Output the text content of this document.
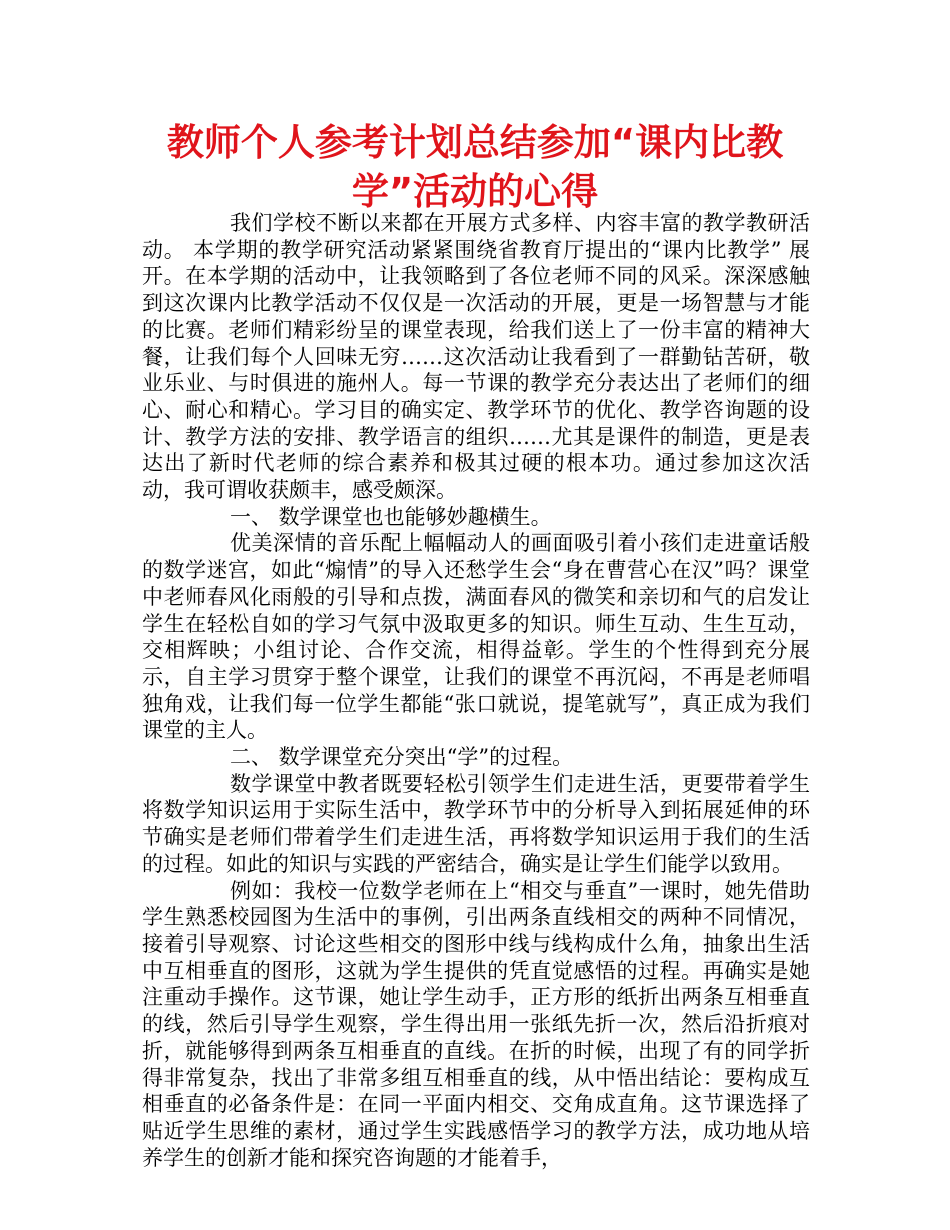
教师个人参考计划总结参加“课内比教学”活动的心得

我们学校不断以来都在开展方式多样、内容丰富的教学教研活动。 本学期的教学研究活动紧紧围绕省教育厅提出的“课内比教学” 展开。在本学期的活动中，让我领略到了各位老师不同的风采。深深感触到这次课内比教学活动不仅仅是一次活动的开展，更是一场智慧与才能的比赛。老师们精彩纷呈的课堂表现，给我们送上了一份丰富的精神大餐，让我们每个人回味无穷……这次活动让我看到了一群勤钻苦研，敬业乐业、与时俱进的施州人。每一节课的教学充分表达出了老师们的细心、耐心和精心。学习目的确实定、教学环节的优化、教学咨询题的设计、教学方法的安排、教学语言的组织……尤其是课件的制造，更是表达出了新时代老师的综合素养和极其过硬的根本功。通过参加这次活动，我可谓收获颇丰，感受颇深。

一、 数学课堂也也能够妙趣横生。

优美深情的音乐配上幅幅动人的画面吸引着小孩们走进童话般的数学迷宫，如此“煽情”的导入还愁学生会“身在曹营心在汉”吗？课堂中老师春风化雨般的引导和点拨，满面春风的微笑和亲切和气的启发让学生在轻松自如的学习气氛中汲取更多的知识。师生互动、生生互动，交相辉映；小组讨论、合作交流，相得益彰。学生的个性得到充分展示，自主学习贯穿于整个课堂，让我们的课堂不再沉闷，不再是老师唱独角戏，让我们每一位学生都能“张口就说，提笔就写”，真正成为我们课堂的主人。

二、 数学课堂充分突出“学”的过程。

数学课堂中教者既要轻松引领学生们走进生活，更要带着学生将数学知识运用于实际生活中，教学环节中的分析导入到拓展延伸的环节确实是老师们带着学生们走进生活，再将数学知识运用于我们的生活的过程。如此的知识与实践的严密结合，确实是让学生们能学以致用。

例如：我校一位数学老师在上“相交与垂直”一课时，她先借助学生熟悉校园图为生活中的事例，引出两条直线相交的两种不同情况，接着引导观察、讨论这些相交的图形中线与线构成什么角，抽象出生活中互相垂直的图形，这就为学生提供的凭直觉感悟的过程。再确实是她注重动手操作。这节课，她让学生动手，正方形的纸折出两条互相垂直的线，然后引导学生观察，学生得出用一张纸先折一次，然后沿折痕对折，就能够得到两条互相垂直的直线。在折的时候，出现了有的同学折得非常复杂，找出了非常多组互相垂直的线，从中悟出结论：要构成互相垂直的必备条件是：在同一平面内相交、交角成直角。这节课选择了贴近学生思维的素材，通过学生实践感悟学习的教学方法，成功地从培养学生的创新才能和探究咨询题的才能着手，
